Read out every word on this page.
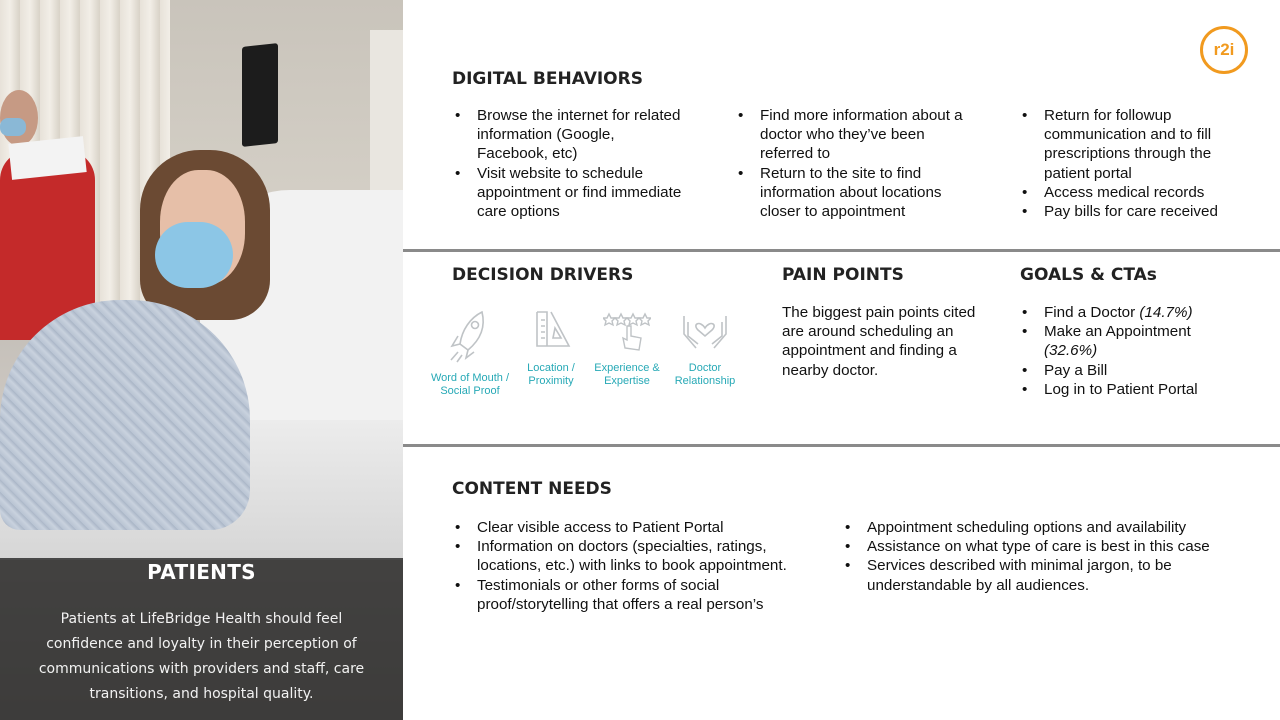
PATIENTS

Patients at LifeBridge Health should feel confidence and loyalty in their perception of communications with providers and staff, care transitions, and hospital quality.

r2i
DIGITAL BEHAVIORS
• Browse the internet for related information (Google, Facebook, etc)
• Visit website to schedule appointment or find immediate care options
• Find more information about a doctor who they’ve been referred to
• Return to the site to find information about locations closer to appointment
• Return for followup communication and to fill prescriptions through the patient portal
• Access medical records
• Pay bills for care received
DECISION DRIVERS
Word of Mouth / Social Proof
Location / Proximity
Experience & Expertise
Doctor Relationship
PAIN POINTS

The biggest pain points cited are around scheduling an appointment and finding a nearby doctor.

GOALS & CTAs
• Find a Doctor (14.7%)
• Make an Appointment (32.6%)
• Pay a Bill
• Log in to Patient Portal
CONTENT NEEDS
• Clear visible access to Patient Portal
• Information on doctors (specialties, ratings, locations, etc.) with links to book appointment.
• Testimonials or other forms of social proof/storytelling that offers a real person’s
• Appointment scheduling options and availability
• Assistance on what type of care is best in this case
• Services described with minimal jargon, to be understandable by all audiences.
